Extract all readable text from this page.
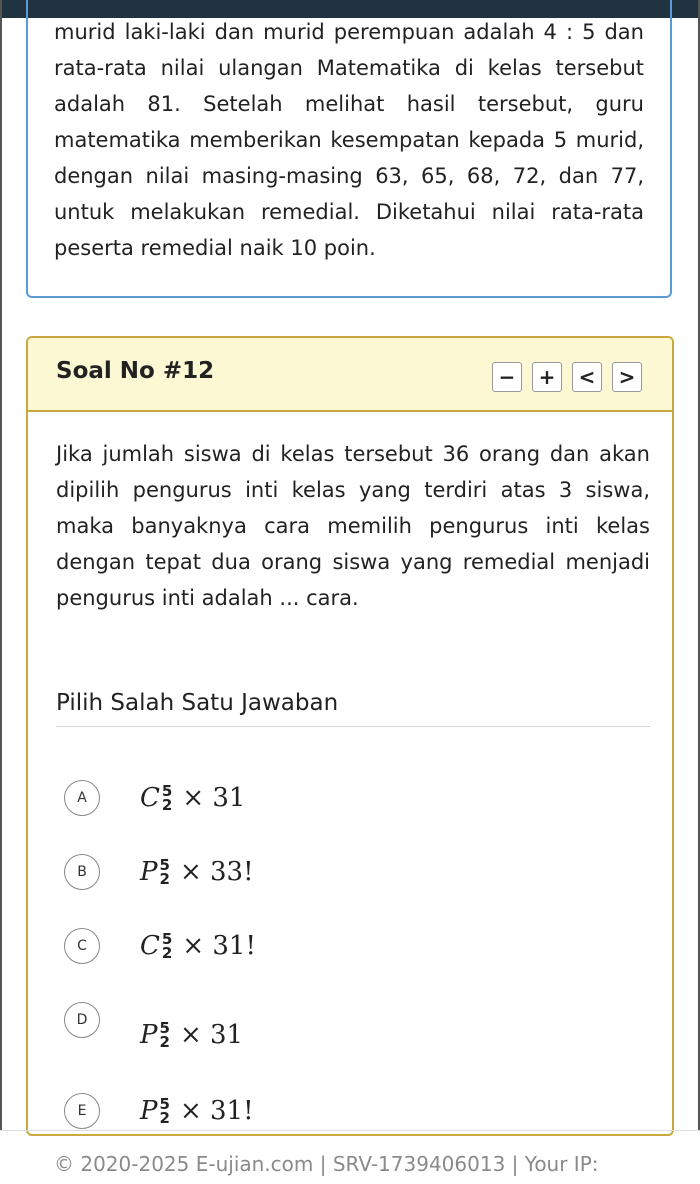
murid laki-laki dan murid perempuan adalah 4 : 5 dan rata-rata nilai ulangan Matematika di kelas tersebut adalah 81. Setelah melihat hasil tersebut, guru matematika memberikan kesempatan kepada 5 murid, dengan nilai masing-masing 63, 65, 68, 72, dan 77, untuk melakukan remedial. Diketahui nilai rata-rata peserta remedial naik 10 poin.

Soal No #12	−	+	<	>
Jika jumlah siswa di kelas tersebut 36 orang dan akan dipilih pengurus inti kelas yang terdiri atas 3 siswa, maka banyaknya cara memilih pengurus inti kelas dengan tepat dua orang siswa yang remedial menjadi pengurus inti adalah ... cara.
Pilih Salah Satu Jawaban
A	C 5
2 × 31
B	P 5
2 × 33!
C	C 5
2 × 31!
D	P 5
2 × 31
E	P 5
2 × 31!
© 2020-2025 E-ujian.com | SRV-1739406013 | Your IP:
